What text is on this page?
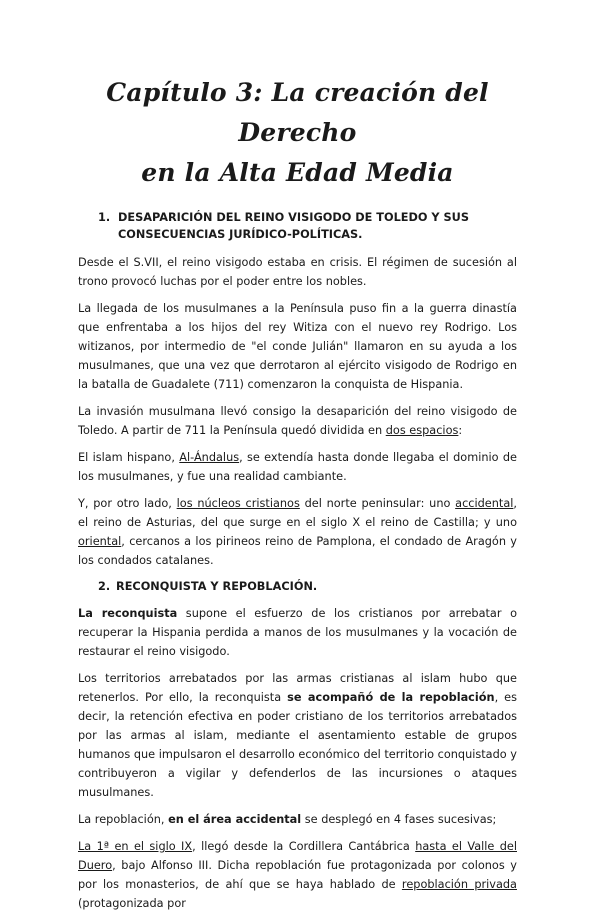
Capítulo 3: La creación del Derecho
en la Alta Edad Media
1. DESAPARICIÓN DEL REINO VISIGODO DE TOLEDO Y SUS CONSECUENCIAS JURÍDICO-POLÍTICAS.

Desde el S.VII, el reino visigodo estaba en crisis. El régimen de sucesión al trono provocó luchas por el poder entre los nobles.

La llegada de los musulmanes a la Península puso fin a la guerra dinastía que enfrentaba a los hijos del rey Witiza con el nuevo rey Rodrigo. Los witizanos, por intermedio de "el conde Julián" llamaron en su ayuda a los musulmanes, que una vez que derrotaron al ejército visigodo de Rodrigo en la batalla de Guadalete (711) comenzaron la conquista de Hispania.

La invasión musulmana llevó consigo la desaparición del reino visigodo de Toledo. A partir de 711 la Península quedó dividida en dos espacios:

El islam hispano, Al-Ándalus, se extendía hasta donde llegaba el dominio de los musulmanes, y fue una realidad cambiante.

Y, por otro lado, los núcleos cristianos del norte peninsular: uno accidental, el reino de Asturias, del que surge en el siglo X el reino de Castilla; y uno oriental, cercanos a los pirineos reino de Pamplona, el condado de Aragón y los condados catalanes.

2. RECONQUISTA Y REPOBLACIÓN.

La reconquista supone el esfuerzo de los cristianos por arrebatar o recuperar la Hispania perdida a manos de los musulmanes y la vocación de restaurar el reino visigodo.

Los territorios arrebatados por las armas cristianas al islam hubo que retenerlos. Por ello, la reconquista se acompañó de la repoblación, es decir, la retención efectiva en poder cristiano de los territorios arrebatados por las armas al islam, mediante el asentamiento estable de grupos humanos que impulsaron el desarrollo económico del territorio conquistado y contribuyeron a vigilar y defenderlos de las incursiones o ataques musulmanes.

La repoblación, en el área accidental se desplegó en 4 fases sucesivas;

La 1ª en el siglo IX, llegó desde la Cordillera Cantábrica hasta el Valle del Duero, bajo Alfonso III. Dicha repoblación fue protagonizada por colonos y por los monasterios, de ahí que se haya hablado de repoblación privada (protagonizada por
